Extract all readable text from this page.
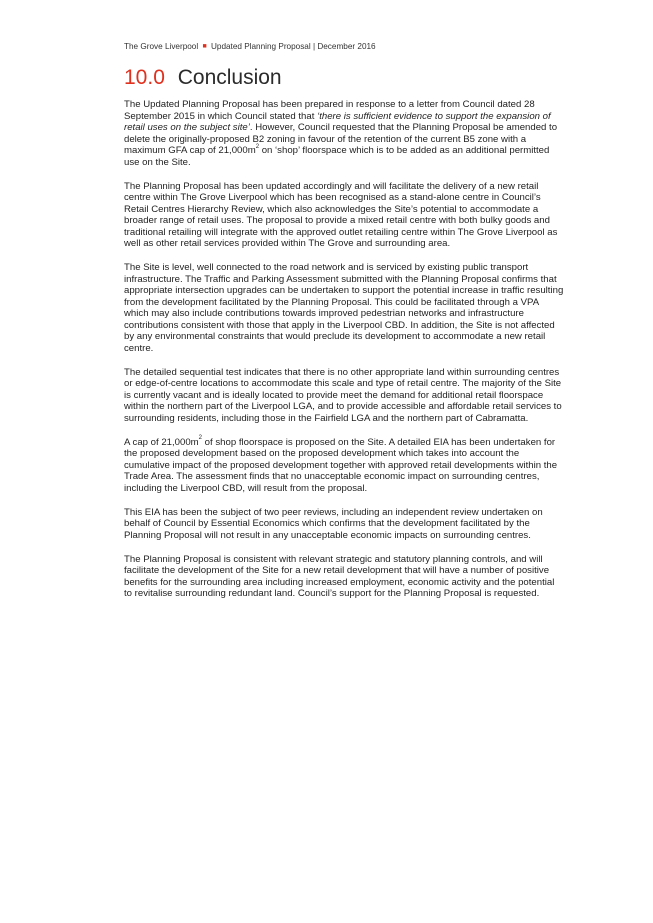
The Grove Liverpool ■ Updated Planning Proposal | December 2016
10.0 Conclusion

The Updated Planning Proposal has been prepared in response to a letter from Council dated 28 September 2015 in which Council stated that ‘there is sufficient evidence to support the expansion of retail uses on the subject site’. However, Council requested that the Planning Proposal be amended to delete the originally-proposed B2 zoning in favour of the retention of the current B5 zone with a maximum GFA cap of $21,000m^2$ on ‘shop’ floorspace which is to be added as an additional permitted use on the Site.

The Planning Proposal has been updated accordingly and will facilitate the delivery of a new retail centre within The Grove Liverpool which has been recognised as a stand-alone centre in Council’s Retail Centres Hierarchy Review, which also acknowledges the Site’s potential to accommodate a broader range of retail uses. The proposal to provide a mixed retail centre with both bulky goods and traditional retailing will integrate with the approved outlet retailing centre within The Grove Liverpool as well as other retail services provided within The Grove and surrounding area.

The Site is level, well connected to the road network and is serviced by existing public transport infrastructure. The Traffic and Parking Assessment submitted with the Planning Proposal confirms that appropriate intersection upgrades can be undertaken to support the potential increase in traffic resulting from the development facilitated by the Planning Proposal. This could be facilitated through a VPA which may also include contributions towards improved pedestrian networks and infrastructure contributions consistent with those that apply in the Liverpool CBD. In addition, the Site is not affected by any environmental constraints that would preclude its development to accommodate a new retail centre.

The detailed sequential test indicates that there is no other appropriate land within surrounding centres or edge-of-centre locations to accommodate this scale and type of retail centre. The majority of the Site is currently vacant and is ideally located to provide meet the demand for additional retail floorspace within the northern part of the Liverpool LGA, and to provide accessible and affordable retail services to surrounding residents, including those in the Fairfield LGA and the northern part of Cabramatta.

A cap of $21,000m^2$ of shop floorspace is proposed on the Site. A detailed EIA has been undertaken for the proposed development based on the proposed development which takes into account the cumulative impact of the proposed development together with approved retail developments within the Trade Area. The assessment finds that no unacceptable economic impact on surrounding centres, including the Liverpool CBD, will result from the proposal.

This EIA has been the subject of two peer reviews, including an independent review undertaken on behalf of Council by Essential Economics which confirms that the development facilitated by the Planning Proposal will not result in any unacceptable economic impacts on surrounding centres.

The Planning Proposal is consistent with relevant strategic and statutory planning controls, and will facilitate the development of the Site for a new retail development that will have a number of positive benefits for the surrounding area including increased employment, economic activity and the potential to revitalise surrounding redundant land. Council’s support for the Planning Proposal is requested.
